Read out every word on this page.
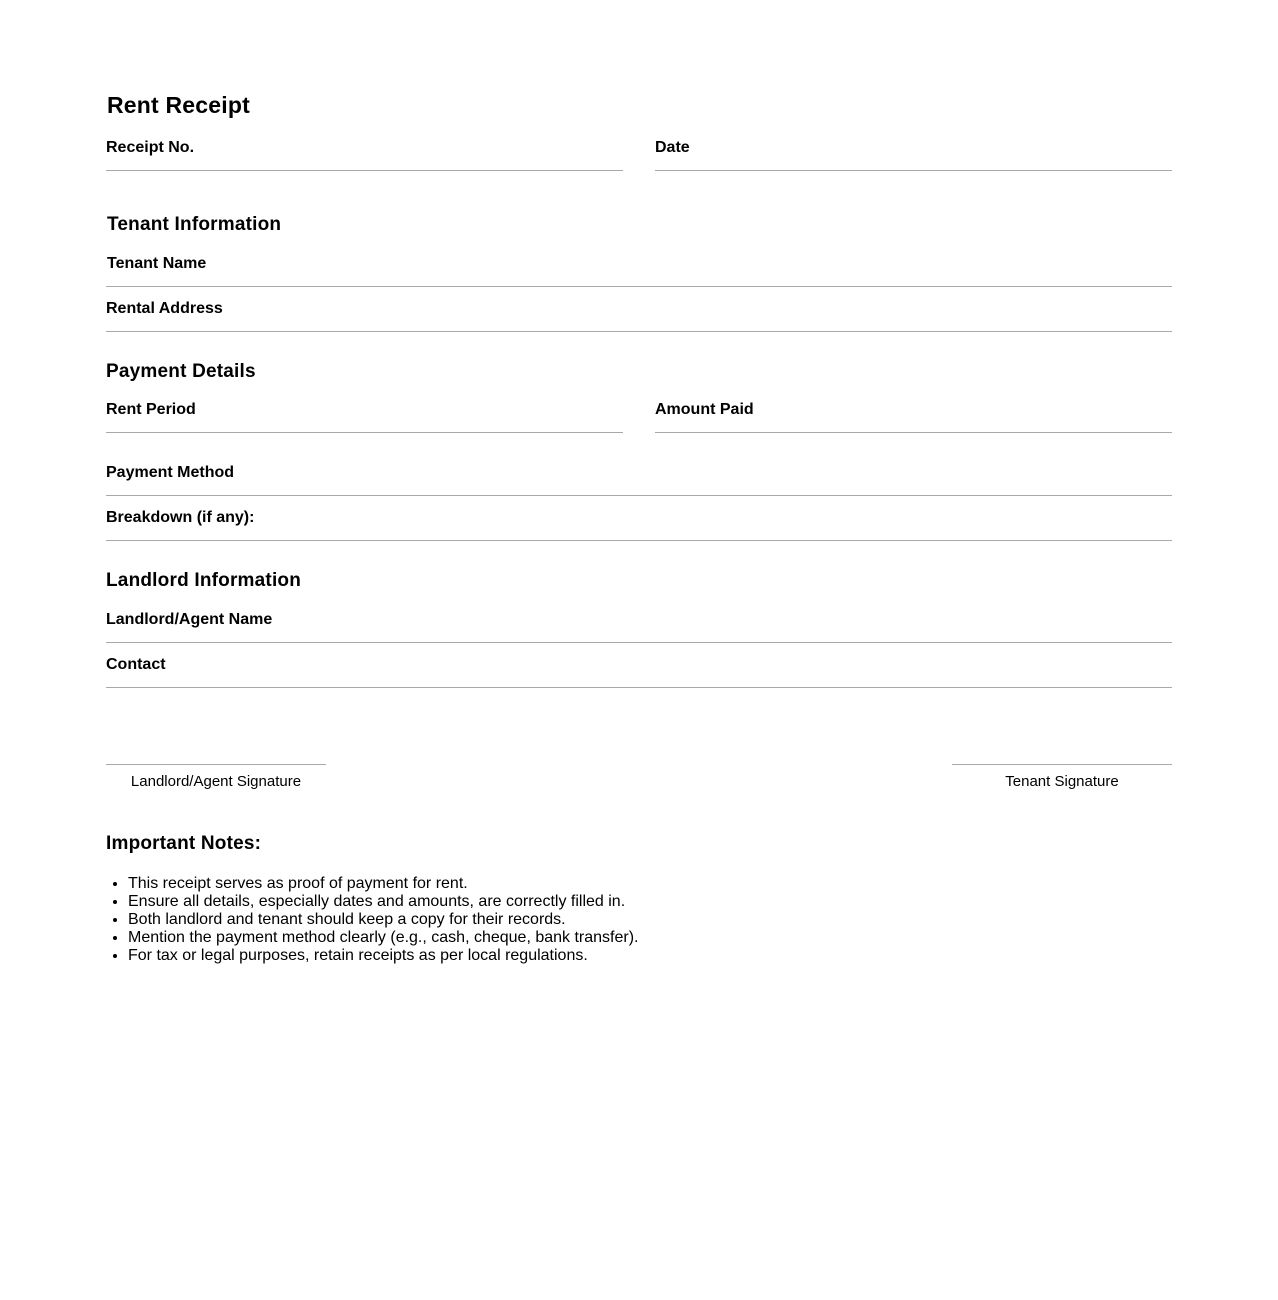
Rent Receipt
Receipt No.	Date
Tenant Information
Tenant Name
Rental Address
Payment Details
Rent Period	Amount Paid
Payment Method
Breakdown (if any):
Landlord Information
Landlord/Agent Name
Contact
Landlord/Agent Signature	Tenant Signature
Important Notes:
• This receipt serves as proof of payment for rent.
• Ensure all details, especially dates and amounts, are correctly filled in.
• Both landlord and tenant should keep a copy for their records.
• Mention the payment method clearly (e.g., cash, cheque, bank transfer).
• For tax or legal purposes, retain receipts as per local regulations.
